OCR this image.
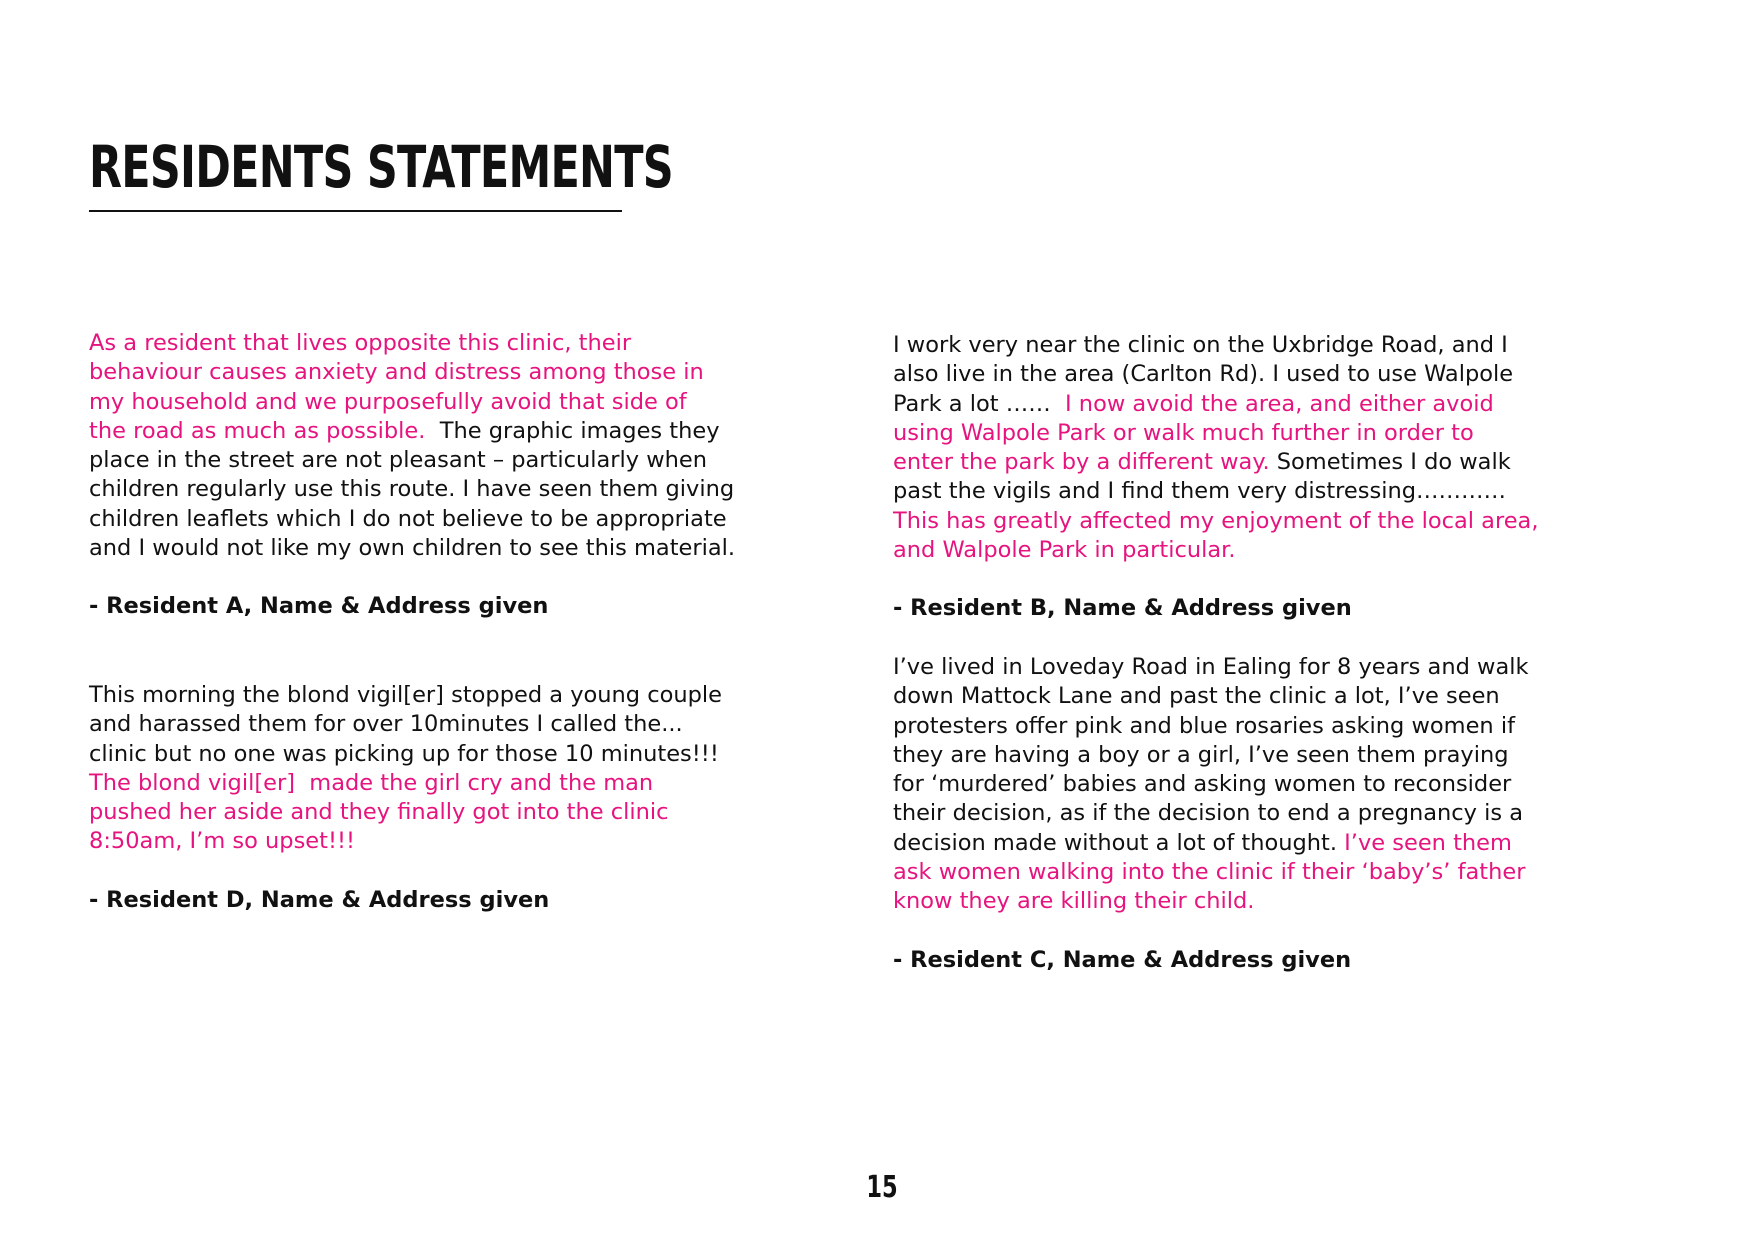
RESIDENTS STATEMENTS

As a resident that lives opposite this clinic, their
behaviour causes anxiety and distress among those in
my household and we purposefully avoid that side of
the road as much as possible.  The graphic images they
place in the street are not pleasant – particularly when
children regularly use this route. I have seen them giving
children leaflets which I do not believe to be appropriate
and I would not like my own children to see this material.

- Resident A, Name & Address given

This morning the blond vigil[er] stopped a young couple
and harassed them for over 10minutes I called the...
clinic but no one was picking up for those 10 minutes!!!
The blond vigil[er]  made the girl cry and the man
pushed her aside and they finally got into the clinic
8:50am, I’m so upset!!!

- Resident D, Name & Address given

I work very near the clinic on the Uxbridge Road, and I
also live in the area (Carlton Rd). I used to use Walpole
Park a lot ……  I now avoid the area, and either avoid
using Walpole Park or walk much further in order to
enter the park by a different way. Sometimes I do walk
past the vigils and I find them very distressing…………
This has greatly affected my enjoyment of the local area,
and Walpole Park in particular.

- Resident B, Name & Address given

I’ve lived in Loveday Road in Ealing for 8 years and walk
down Mattock Lane and past the clinic a lot, I’ve seen
protesters offer pink and blue rosaries asking women if
they are having a boy or a girl, I’ve seen them praying
for ‘murdered’ babies and asking women to reconsider
their decision, as if the decision to end a pregnancy is a
decision made without a lot of thought. I’ve seen them
ask women walking into the clinic if their ‘baby’s’ father
know they are killing their child.

- Resident C, Name & Address given

15
